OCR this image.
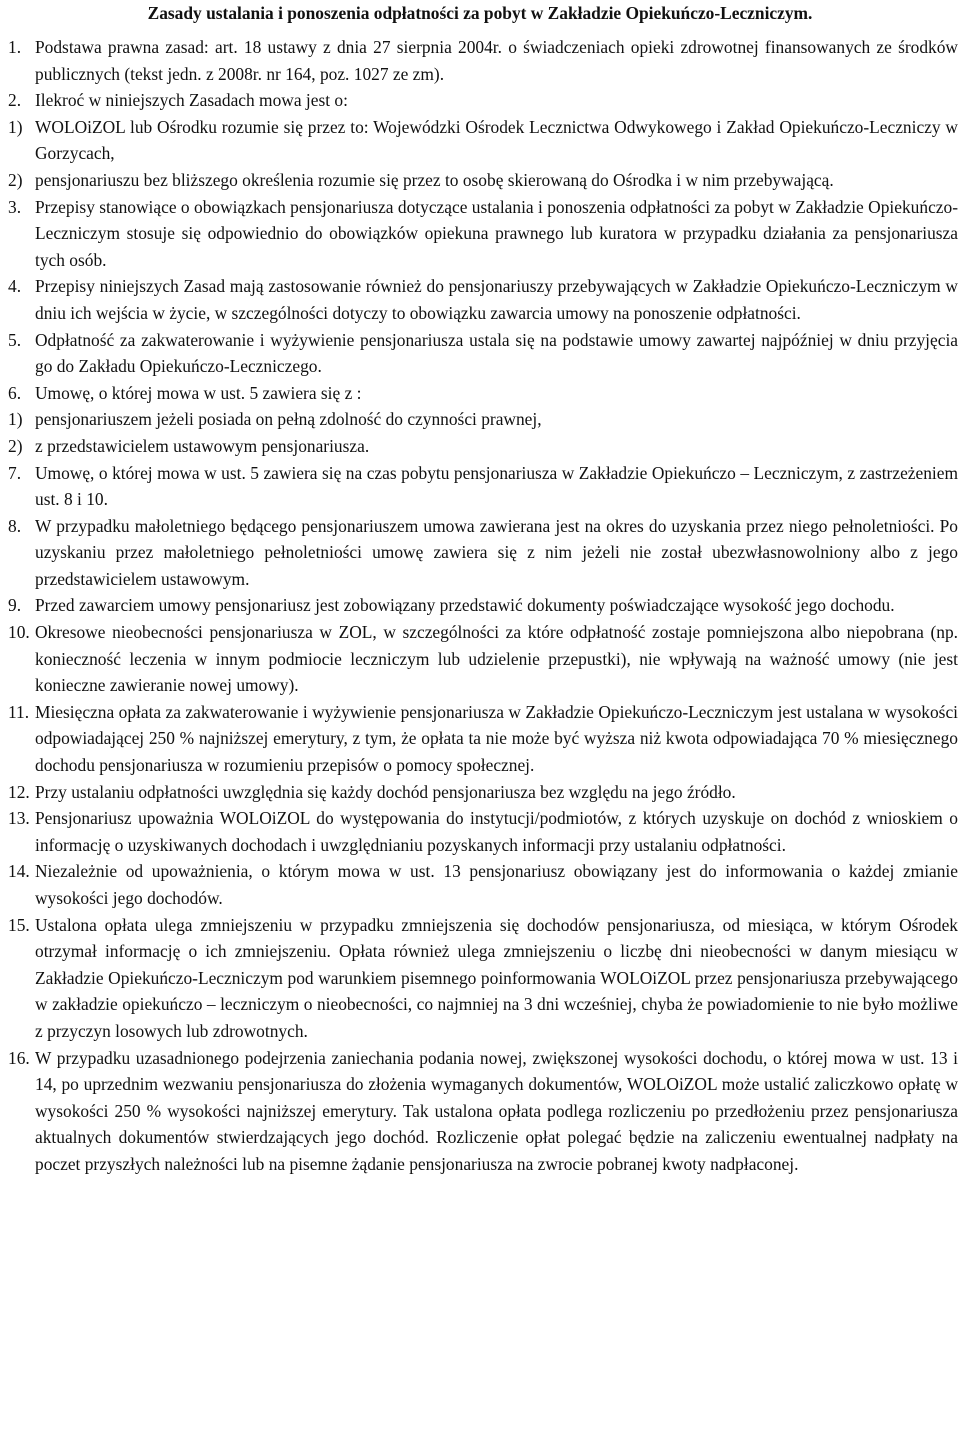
Zasady ustalania i ponoszenia odpłatności za pobyt w Zakładzie Opiekuńczo-Leczniczym.
1. Podstawa prawna zasad: art. 18 ustawy z dnia 27 sierpnia 2004r. o świadczeniach opieki zdrowotnej finansowanych ze środków publicznych (tekst jedn. z 2008r. nr 164, poz. 1027 ze zm).
2. Ilekroć w niniejszych Zasadach mowa jest o:
1) WOLOiZOL lub Ośrodku rozumie się przez to: Wojewódzki Ośrodek Lecznictwa Odwykowego i Zakład Opiekuńczo-Leczniczy w Gorzycach,
2) pensjonariuszu bez bliższego określenia rozumie się przez to osobę skierowaną do Ośrodka i w nim przebywającą.
3. Przepisy stanowiące o obowiązkach pensjonariusza dotyczące ustalania i ponoszenia odpłatności za pobyt w Zakładzie Opiekuńczo-Leczniczym stosuje się odpowiednio do obowiązków opiekuna prawnego lub kuratora w przypadku działania za pensjonariusza tych osób.
4. Przepisy niniejszych Zasad mają zastosowanie również do pensjonariuszy przebywających w Zakładzie Opiekuńczo-Leczniczym w dniu ich wejścia w życie, w szczególności dotyczy to obowiązku zawarcia umowy na ponoszenie odpłatności.
5. Odpłatność za zakwaterowanie i wyżywienie pensjonariusza ustala się na podstawie umowy zawartej najpóźniej w dniu przyjęcia go do Zakładu Opiekuńczo-Leczniczego.
6. Umowę, o której mowa w ust. 5 zawiera się z :
1) pensjonariuszem jeżeli posiada on pełną zdolność do czynności prawnej,
2) z przedstawicielem ustawowym pensjonariusza.
7. Umowę, o której mowa w ust. 5 zawiera się na czas pobytu pensjonariusza w Zakładzie Opiekuńczo – Leczniczym, z zastrzeżeniem ust. 8 i 10.
8. W przypadku małoletniego będącego pensjonariuszem umowa zawierana jest na okres do uzyskania przez niego pełnoletniości. Po uzyskaniu przez małoletniego pełnoletniości umowę zawiera się z nim jeżeli nie został ubezwłasnowolniony albo z jego przedstawicielem ustawowym.
9. Przed zawarciem umowy pensjonariusz jest zobowiązany przedstawić dokumenty poświadczające wysokość jego dochodu.
10. Okresowe nieobecności pensjonariusza w ZOL, w szczególności za które odpłatność zostaje pomniejszona albo niepobrana (np. konieczność leczenia w innym podmiocie leczniczym lub udzielenie przepustki), nie wpływają na ważność umowy (nie jest konieczne zawieranie nowej umowy).
11. Miesięczna opłata za zakwaterowanie i wyżywienie pensjonariusza w Zakładzie Opiekuńczo-Leczniczym jest ustalana w wysokości odpowiadającej 250 % najniższej emerytury, z tym, że opłata ta nie może być wyższa niż kwota odpowiadająca 70 % miesięcznego dochodu pensjonariusza w rozumieniu przepisów o pomocy społecznej.
12. Przy ustalaniu odpłatności uwzględnia się każdy dochód pensjonariusza bez względu na jego źródło.
13. Pensjonariusz upoważnia WOLOiZOL do występowania do instytucji/podmiotów, z których uzyskuje on dochód z wnioskiem o informację o uzyskiwanych dochodach i uwzględnianiu pozyskanych informacji przy ustalaniu odpłatności.
14. Niezależnie od upoważnienia, o którym mowa w ust. 13 pensjonariusz obowiązany jest do informowania o każdej zmianie wysokości jego dochodów.
15. Ustalona opłata ulega zmniejszeniu w przypadku zmniejszenia się dochodów pensjonariusza, od miesiąca, w którym Ośrodek otrzymał informację o ich zmniejszeniu. Opłata również ulega zmniejszeniu o liczbę dni nieobecności w danym miesiącu w Zakładzie Opiekuńczo-Leczniczym pod warunkiem pisemnego poinformowania WOLOiZOL przez pensjonariusza przebywającego w zakładzie opiekuńczo – leczniczym o nieobecności, co najmniej na 3 dni wcześniej, chyba że powiadomienie to nie było możliwe z przyczyn losowych lub zdrowotnych.
16. W przypadku uzasadnionego podejrzenia zaniechania podania nowej, zwiększonej wysokości dochodu, o której mowa w ust. 13 i 14, po uprzednim wezwaniu pensjonariusza do złożenia wymaganych dokumentów, WOLOiZOL może ustalić zaliczkowo opłatę w wysokości 250 % wysokości najniższej emerytury. Tak ustalona opłata podlega rozliczeniu po przedłożeniu przez pensjonariusza aktualnych dokumentów stwierdzających jego dochód. Rozliczenie opłat polegać będzie na zaliczeniu ewentualnej nadpłaty na poczet przyszłych należności lub na pisemne żądanie pensjonariusza na zwrocie pobranej kwoty nadpłaconej.
